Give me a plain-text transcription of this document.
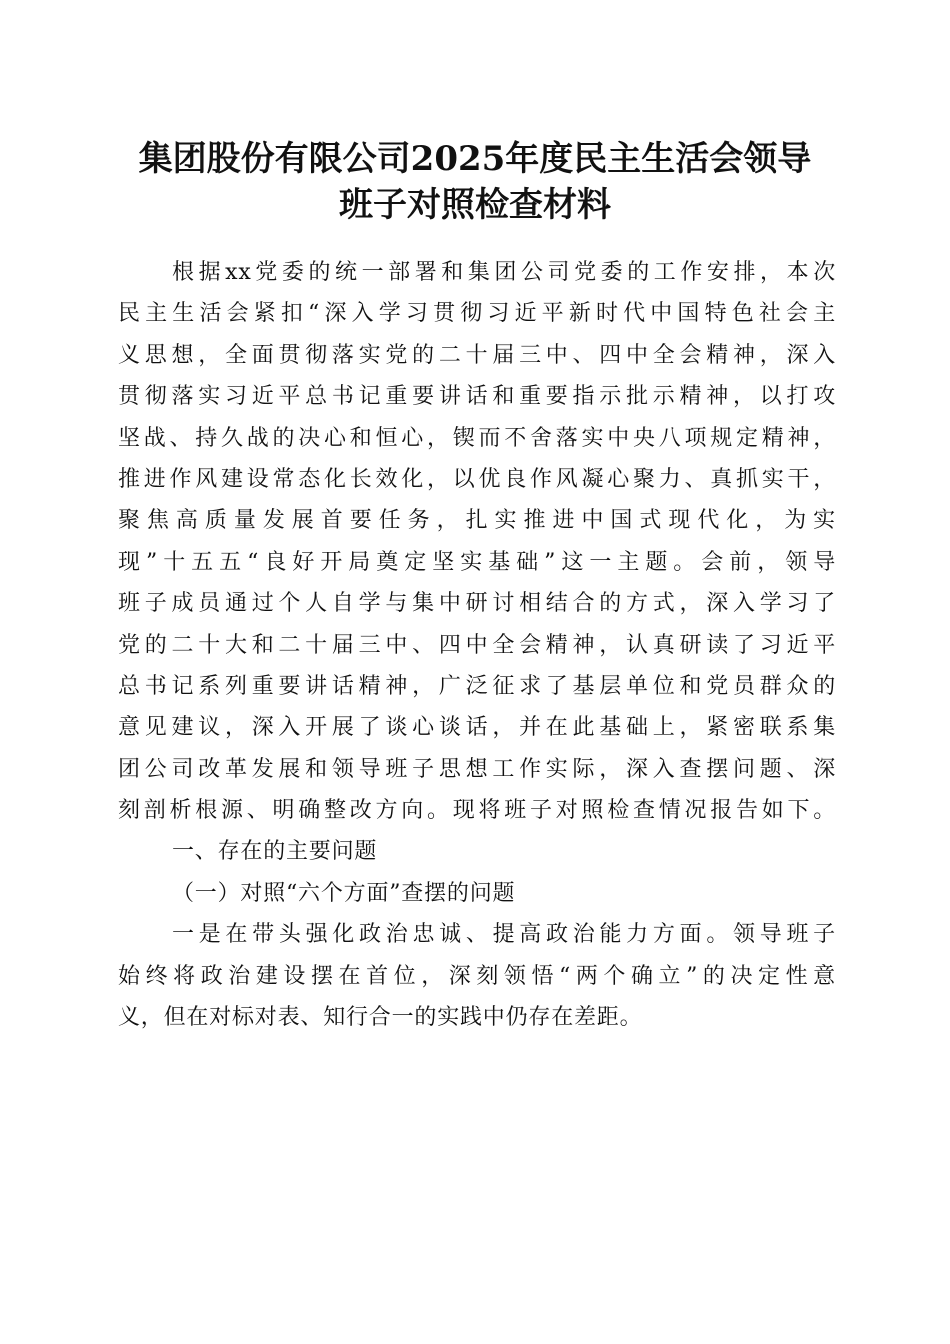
集团股份有限公司2025年度民主生活会领导
班子对照检查材料
根据xx党委的统一部署和集团公司党委的工作安排，本次
民主生活会紧扣“深入学习贯彻习近平新时代中国特色社会主
义思想，全面贯彻落实党的二十届三中、四中全会精神，深入
贯彻落实习近平总书记重要讲话和重要指示批示精神，以打攻
坚战、持久战的决心和恒心，锲而不舍落实中央八项规定精神，
推进作风建设常态化长效化，以优良作风凝心聚力、真抓实干，
聚焦高质量发展首要任务，扎实推进中国式现代化，为实
现”十五五“良好开局奠定坚实基础”这一主题。会前，领导
班子成员通过个人自学与集中研讨相结合的方式，深入学习了
党的二十大和二十届三中、四中全会精神，认真研读了习近平
总书记系列重要讲话精神，广泛征求了基层单位和党员群众的
意见建议，深入开展了谈心谈话，并在此基础上，紧密联系集
团公司改革发展和领导班子思想工作实际，深入查摆问题、深
刻剖析根源、明确整改方向。现将班子对照检查情况报告如下。
一、存在的主要问题
（一）对照“六个方面”查摆的问题
一是在带头强化政治忠诚、提高政治能力方面。领导班子
始终将政治建设摆在首位，深刻领悟“两个确立”的决定性意
义，但在对标对表、知行合一的实践中仍存在差距。
